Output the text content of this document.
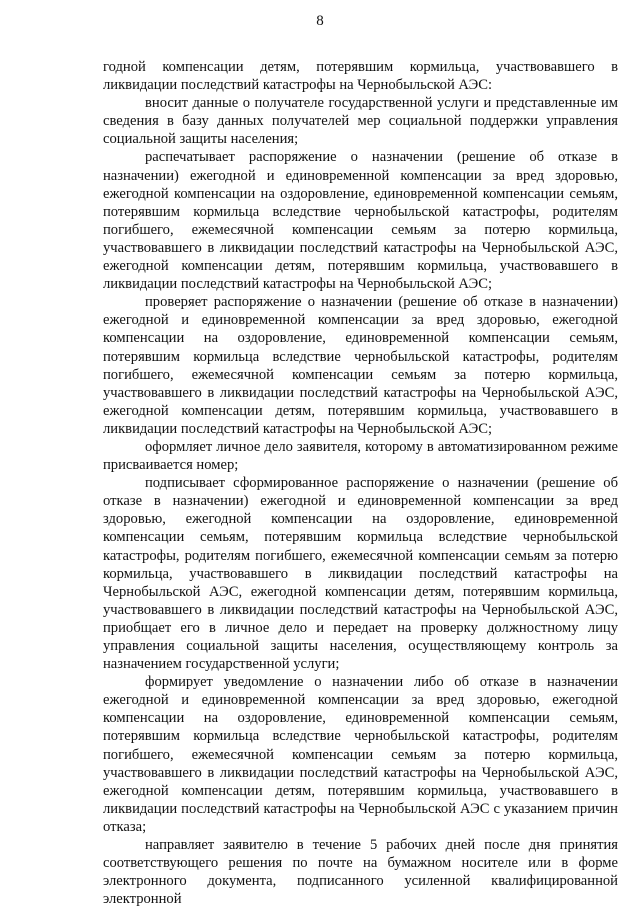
8

годной компенсации детям, потерявшим кормильца, участвовавшего в ликвидации последствий катастрофы на Чернобыльской АЭС:

вносит данные о получателе государственной услуги и представленные им сведения в базу данных получателей мер социальной поддержки управления социальной защиты населения;

распечатывает распоряжение о назначении (решение об отказе в назначении) ежегодной и единовременной компенсации за вред здоровью, ежегодной компенсации на оздоровление, единовременной компенсации семьям, потерявшим кормильца вследствие чернобыльской катастрофы, родителям погибшего, ежемесячной компенсации семьям за потерю кормильца, участвовавшего в ликвидации последствий катастрофы на Чернобыльской АЭС, ежегодной компенсации детям, потерявшим кормильца, участвовавшего в ликвидации последствий катастрофы на Чернобыльской АЭС;

проверяет распоряжение о назначении (решение об отказе в назначении) ежегодной и единовременной компенсации за вред здоровью, ежегодной компенсации на оздоровление, единовременной компенсации семьям, потерявшим кормильца вследствие чернобыльской катастрофы, родителям погибшего, ежемесячной компенсации семьям за потерю кормильца, участвовавшего в ликвидации последствий катастрофы на Чернобыльской АЭС, ежегодной компенсации детям, потерявшим кормильца, участвовавшего в ликвидации последствий катастрофы на Чернобыльской АЭС;

оформляет личное дело заявителя, которому в автоматизированном режиме присваивается номер;

подписывает сформированное распоряжение о назначении (решение об отказе в назначении) ежегодной и единовременной компенсации за вред здоровью, ежегодной компенсации на оздоровление, единовременной компенсации семьям, потерявшим кормильца вследствие чернобыльской катастрофы, родителям погибшего, ежемесячной компенсации семьям за потерю кормильца, участвовавшего в ликвидации последствий катастрофы на Чернобыльской АЭС, ежегодной компенсации детям, потерявшим кормильца, участвовавшего в ликвидации последствий катастрофы на Чернобыльской АЭС, приобщает его в личное дело и передает на проверку должностному лицу управления социальной защиты населения, осуществляющему контроль за назначением государственной услуги;

формирует уведомление о назначении либо об отказе в назначении ежегодной и единовременной компенсации за вред здоровью, ежегодной компенсации на оздоровление, единовременной компенсации семьям, потерявшим кормильца вследствие чернобыльской катастрофы, родителям погибшего, ежемесячной компенсации семьям за потерю кормильца, участвовавшего в ликвидации последствий катастрофы на Чернобыльской АЭС, ежегодной компенсации детям, потерявшим кормильца, участвовавшего в ликвидации последствий катастрофы на Чернобыльской АЭС с указанием причин отказа;

направляет заявителю в течение 5 рабочих дней после дня принятия соответствующего решения по почте на бумажном носителе или в форме электронного документа, подписанного усиленной квалифицированной электронной
